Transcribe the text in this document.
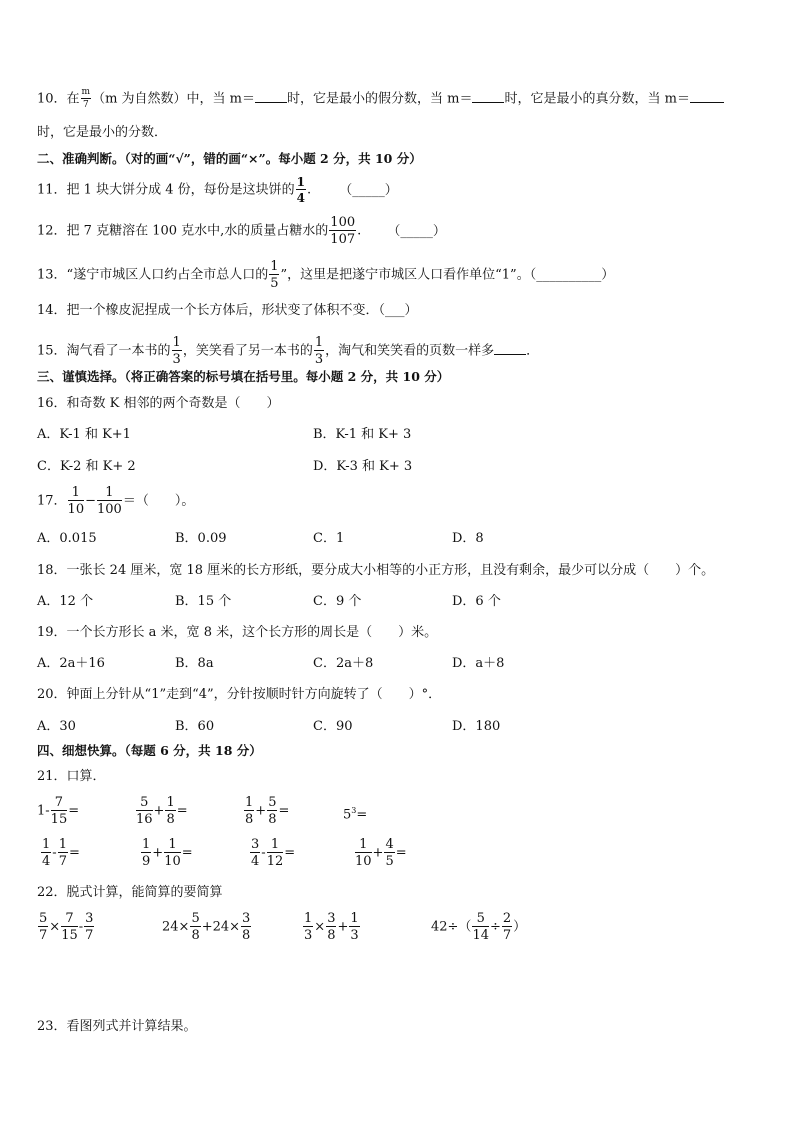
10．在 $\frac{m}{7} (m$ 为自然数）中，当 m＝ 时，它是最小的假分数，当 m＝ 时，它是最小的真分数，当 m＝
时，它是最小的分数．
二、准确判断。（对的画“√”，错的画“×”。每小题 2 分，共 10 分）
11．把 1 块大饼分成 4 份，每份是这块饼的 $\frac{1}{4}$ . （_____）
12．把 7 克糖溶在 100 克水中,水的质量占糖水的 $\frac{100}{107}$ . （_____）
13．“遂宁市城区人口约占全市总人口的 $\frac{1}{5}$ ”，这里是把遂宁市城区人口看作单位“1”。（__________）
14．把一个橡皮泥捏成一个长方体后，形状变了体积不变．（___）
15．淘气看了一本书的 $\frac{1}{3}$ ，笑笑看了另一本书的 $\frac{1}{3}$ ，淘气和笑笑看的页数一样多 ．
三、谨慎选择。（将正确答案的标号填在括号里。每小题 2 分，共 10 分）
16．和奇数 K 相邻的两个奇数是（　　）
A．K-1 和 K+1	B．K-1 和 K+ 3
C．K-2 和 K+ 2	D．K-3 和 K+ 3
17． $\frac{1}{10} - \frac{1}{100}$ ＝（　　）。
A．0.015	B．0.09	C．1	D．8
18．一张长 24 厘米，宽 18 厘米的长方形纸，要分成大小相等的小正方形，且没有剩余，最少可以分成（　　）个。
A．12 个	B．15 个	C．9 个	D．6 个
19．一个长方形长 a 米，宽 8 米，这个长方形的周长是（　　）米。
A．2a＋16	B．8a	C．2a＋8	D．a＋8
20．钟面上分针从“1”走到“4”，分针按顺时针方向旋转了（　　）°．
A．30	B．60	C．90	D．180
四、细想快算。（每题 6 分，共 18 分）
21．口算．
$1- \frac{7}{15}$ =	$\frac{5}{16} + \frac{1}{8}$ =	$\frac{1}{8} + \frac{5}{8}$ =	$5^3=$
$\frac{1}{4} - \frac{1}{7}$ =	$\frac{1}{9} + \frac{1}{10}$ =	$\frac{3}{4} - \frac{1}{12}$ =	$\frac{1}{10} + \frac{4}{5}$ =
22．脱式计算，能简算的要简算
$\frac{5}{7} \times \frac{7}{15} - \frac{3}{7}$	$24\times \frac{5}{8} +24\times \frac{3}{8}$	$\frac{1}{3} \times \frac{3}{8} + \frac{1}{3}$	$42\div( \frac{5}{14} \div \frac{2}{7}$ ）
23．看图列式并计算结果。
